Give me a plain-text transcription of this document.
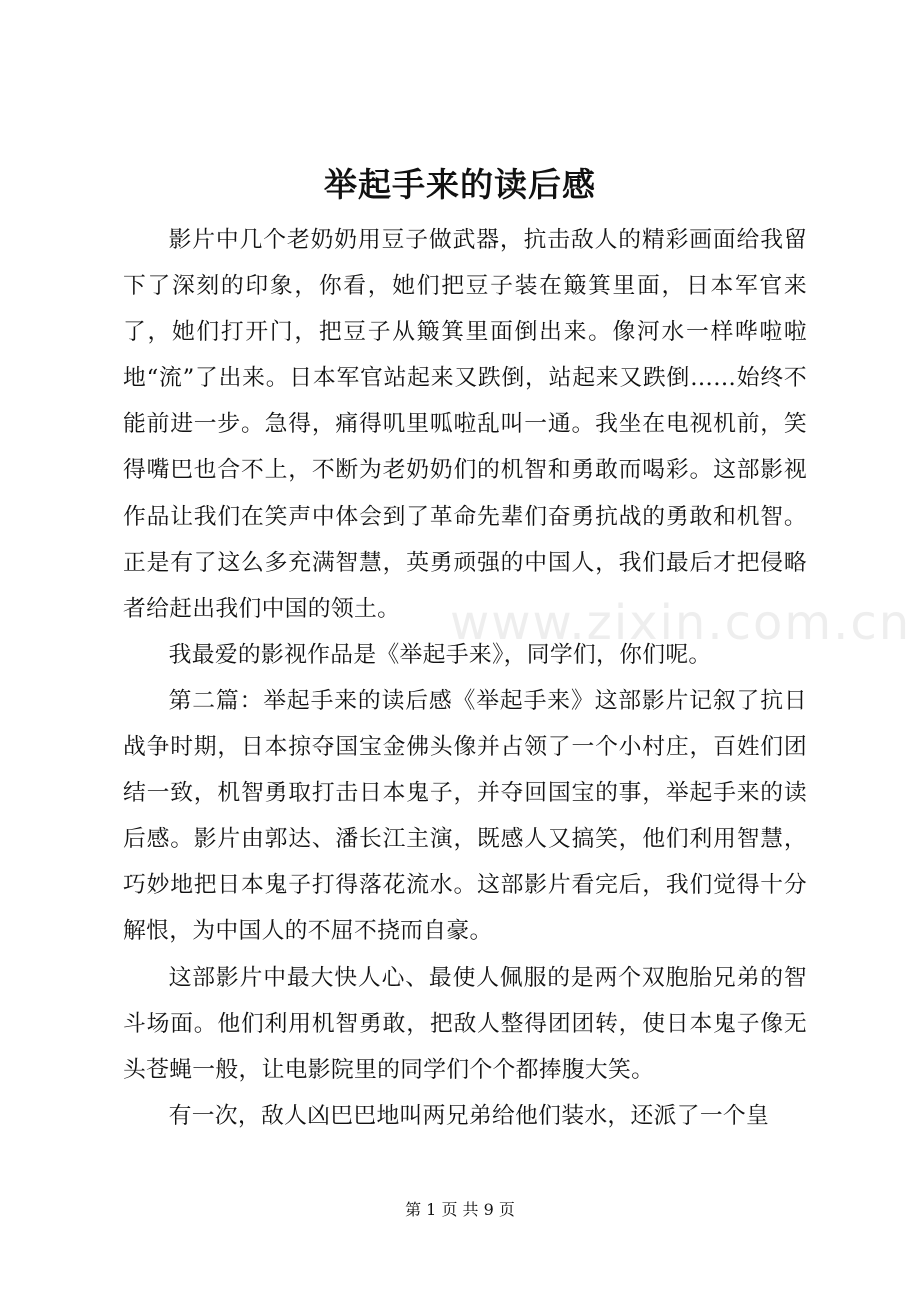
www.zixin.com.cn
举起手来的读后感

影片中几个老奶奶用豆子做武器，抗击敌人的精彩画面给我留下了深刻的印象，你看，她们把豆子装在簸箕里面，日本军官来了，她们打开门，把豆子从簸箕里面倒出来。像河水一样哗啦啦地“流”了出来。日本军官站起来又跌倒，站起来又跌倒……始终不能前进一步。急得，痛得叽里呱啦乱叫一通。我坐在电视机前，笑得嘴巴也合不上，不断为老奶奶们的机智和勇敢而喝彩。这部影视作品让我们在笑声中体会到了革命先辈们奋勇抗战的勇敢和机智。正是有了这么多充满智慧，英勇顽强的中国人，我们最后才把侵略者给赶出我们中国的领土。

我最爱的影视作品是《举起手来》，同学们，你们呢。

第二篇：举起手来的读后感《举起手来》这部影片记叙了抗日战争时期，日本掠夺国宝金佛头像并占领了一个小村庄，百姓们团结一致，机智勇取打击日本鬼子，并夺回国宝的事，举起手来的读后感。影片由郭达、潘长江主演，既感人又搞笑，他们利用智慧，巧妙地把日本鬼子打得落花流水。这部影片看完后，我们觉得十分解恨，为中国人的不屈不挠而自豪。

这部影片中最大快人心、最使人佩服的是两个双胞胎兄弟的智斗场面。他们利用机智勇敢，把敌人整得团团转，使日本鬼子像无头苍蝇一般，让电影院里的同学们个个都捧腹大笑。

有一次，敌人凶巴巴地叫两兄弟给他们装水，还派了一个皇

第 1 页 共 9 页
